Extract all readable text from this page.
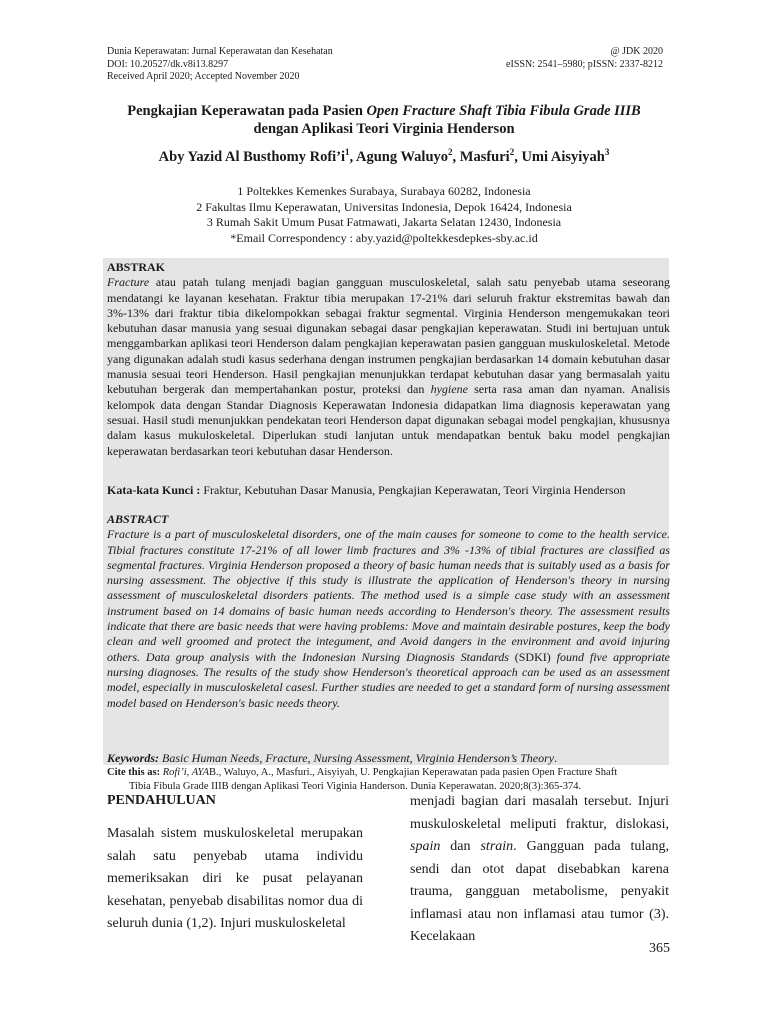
Dunia Keperawatan: Jurnal Keperawatan dan Kesehatan
DOI: 10.20527/dk.v8i13.8297
Received April 2020; Accepted November 2020
@ JDK 2020
eISSN: 2541–5980; pISSN: 2337-8212
Pengkajian Keperawatan pada Pasien Open Fracture Shaft Tibia Fibula Grade IIIB
dengan Aplikasi Teori Virginia Henderson
Aby Yazid Al Busthomy $Rofi’i^1$, Agung Waluyo$^2$, Masfuri$^2$, Umi Aisyiyah$^3$
1 Poltekkes Kemenkes Surabaya, Surabaya 60282, Indonesia
2 Fakultas Ilmu Keperawatan, Universitas Indonesia, Depok 16424, Indonesia
3 Rumah Sakit Umum Pusat Fatmawati, Jakarta Selatan 12430, Indonesia
*Email Correspondency : aby.yazid@poltekkesdepkes-sby.ac.id
ABSTRAK
Fracture atau patah tulang menjadi bagian gangguan musculoskeletal, salah satu penyebab utama seseorang mendatangi ke layanan kesehatan. Fraktur tibia merupakan 17-21% dari seluruh fraktur ekstremitas bawah dan 3%-13% dari fraktur tibia dikelompokkan sebagai fraktur segmental. Virginia Henderson mengemukakan teori kebutuhan dasar manusia yang sesuai digunakan sebagai dasar pengkajian keperawatan. Studi ini bertujuan untuk menggambarkan aplikasi teori Henderson dalam pengkajian keperawatan pasien gangguan muskuloskeletal. Metode yang digunakan adalah studi kasus sederhana dengan instrumen pengkajian berdasarkan 14 domain kebutuhan dasar manusia sesuai teori Henderson. Hasil pengkajian menunjukkan terdapat kebutuhan dasar yang bermasalah yaitu kebutuhan bergerak dan mempertahankan postur, proteksi dan hygiene serta rasa aman dan nyaman. Analisis kelompok data dengan Standar Diagnosis Keperawatan Indonesia didapatkan lima diagnosis keperawatan yang sesuai. Hasil studi menunjukkan pendekatan teori Henderson dapat digunakan sebagai model pengkajian, khususnya dalam kasus mukuloskeletal. Diperlukan studi lanjutan untuk mendapatkan bentuk baku model pengkajian keperawatan berdasarkan teori kebutuhan dasar Henderson.
Kata-kata Kunci : Fraktur, Kebutuhan Dasar Manusia, Pengkajian Keperawatan, Teori Virginia Henderson
ABSTRACT
Fracture is a part of musculoskeletal disorders, one of the main causes for someone to come to the health service. Tibial fractures constitute 17-21% of all lower limb fractures and 3% -13% of tibial fractures are classified as segmental fractures. Virginia Henderson proposed a theory of basic human needs that is suitably used as a basis for nursing assessment. The objective if this study is illustrate the application of Henderson's theory in nursing assessment of musculoskeletal disorders patients. The method used is a simple case study with an assessment instrument based on 14 domains of basic human needs according to Henderson's theory. The assessment results indicate that there are basic needs that were having problems: Move and maintain desirable postures, keep the body clean and well groomed and protect the integument, and Avoid dangers in the environment and avoid injuring others. Data group analysis with the Indonesian Nursing Diagnosis Standards (SDKI) found five appropriate nursing diagnoses. The results of the study show Henderson's theoretical approach can be used as an assessment model, especially in musculoskeletal casesl. Further studies are needed to get a standard form of nursing assessment model based on Henderson's basic needs theory.
Keywords: Basic Human Needs, Fracture, Nursing Assessment, Virginia Henderson’s Theory.
Cite this as: Rofi’i, AYAB., Waluyo, A., Masfuri., Aisyiyah, U. Pengkajian Keperawatan pada pasien Open Fracture Shaft
Tibia Fibula Grade IIIB dengan Aplikasi Teori Viginia Handerson. Dunia Keperawatan. 2020;8(3):365-374.
PENDAHULUAN
Masalah sistem muskuloskeletal merupakan salah satu penyebab utama individu memeriksakan diri ke pusat pelayanan kesehatan, penyebab disabilitas nomor dua di seluruh dunia (1,2). Injuri muskuloskeletal
menjadi bagian dari masalah tersebut. Injuri muskuloskeletal meliputi fraktur, dislokasi, spain dan strain. Gangguan pada tulang, sendi dan otot dapat disebabkan karena trauma, gangguan metabolisme, penyakit inflamasi atau non inflamasi atau tumor (3). Kecelakaan
365
